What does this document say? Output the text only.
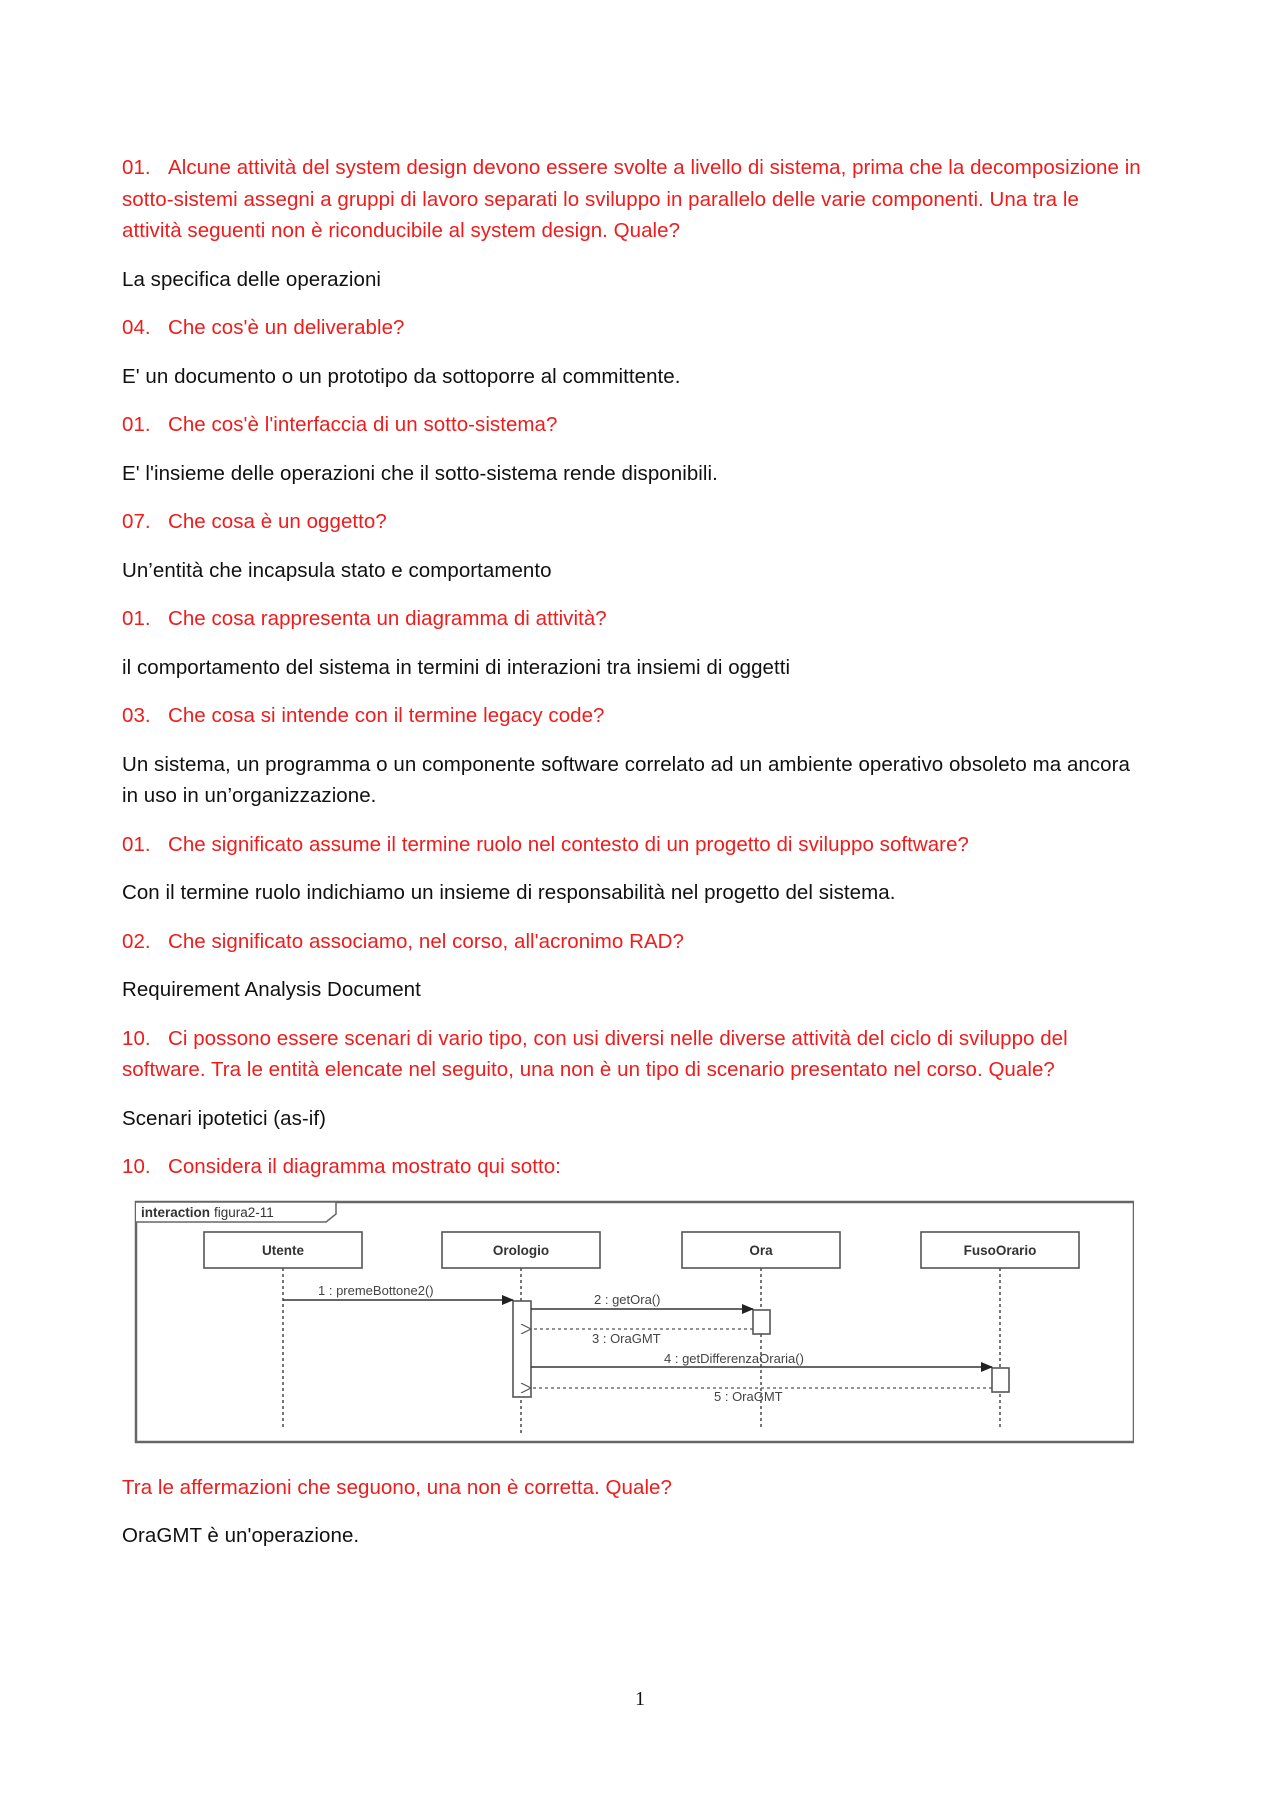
01. Alcune attività del system design devono essere svolte a livello di sistema, prima che la decomposizione in sotto-sistemi assegni a gruppi di lavoro separati lo sviluppo in parallelo delle varie componenti. Una tra le attività seguenti non è riconducibile al system design. Quale?

La specifica delle operazioni

04. Che cos'è un deliverable?

E' un documento o un prototipo da sottoporre al committente.

01. Che cos'è l'interfaccia di un sotto-sistema?

E' l'insieme delle operazioni che il sotto-sistema rende disponibili.

07. Che cosa è un oggetto?

Un’entità che incapsula stato e comportamento

01. Che cosa rappresenta un diagramma di attività?

il comportamento del sistema in termini di interazioni tra insiemi di oggetti

03. Che cosa si intende con il termine legacy code?

Un sistema, un programma o un componente software correlato ad un ambiente operativo obsoleto ma ancora in uso in un’organizzazione.

01. Che significato assume il termine ruolo nel contesto di un progetto di sviluppo software?

Con il termine ruolo indichiamo un insieme di responsabilità nel progetto del sistema.

02. Che significato associamo, nel corso, all'acronimo RAD?

Requirement Analysis Document

10. Ci possono essere scenari di vario tipo, con usi diversi nelle diverse attività del ciclo di sviluppo del software. Tra le entità elencate nel seguito, una non è un tipo di scenario presentato nel corso. Quale?

Scenari ipotetici (as-if)

10. Considera il diagramma mostrato qui sotto:

interaction figura2-11
Utente	Orologio	Ora	FusoOrario
1 : premeBottone2()
2 : getOra()
3 : OraGMT
4 : getDifferenzaOraria()
5 : OraGMT

Tra le affermazioni che seguono, una non è corretta. Quale?

OraGMT è un'operazione.

1
